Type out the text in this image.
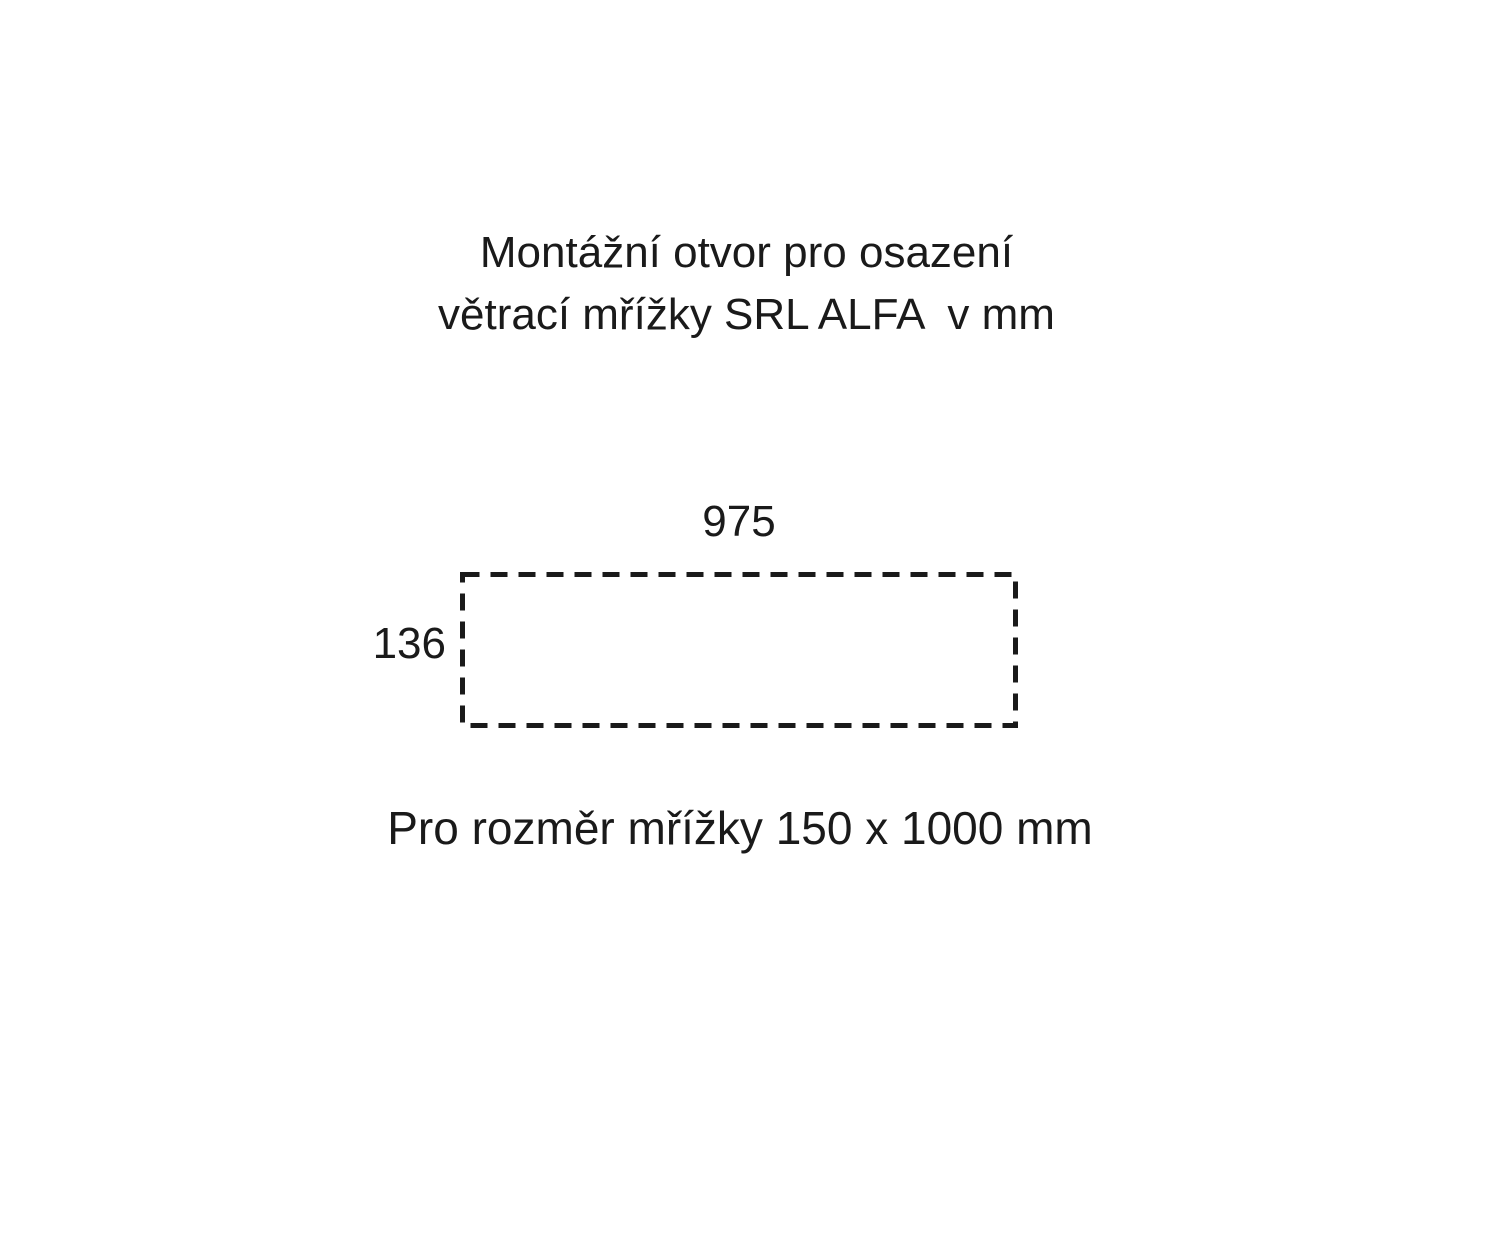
Montážní otvor pro osazení
větrací mřížky SRL ALFA  v mm
975
136
Pro rozměr mřížky 150 x 1000 mm
